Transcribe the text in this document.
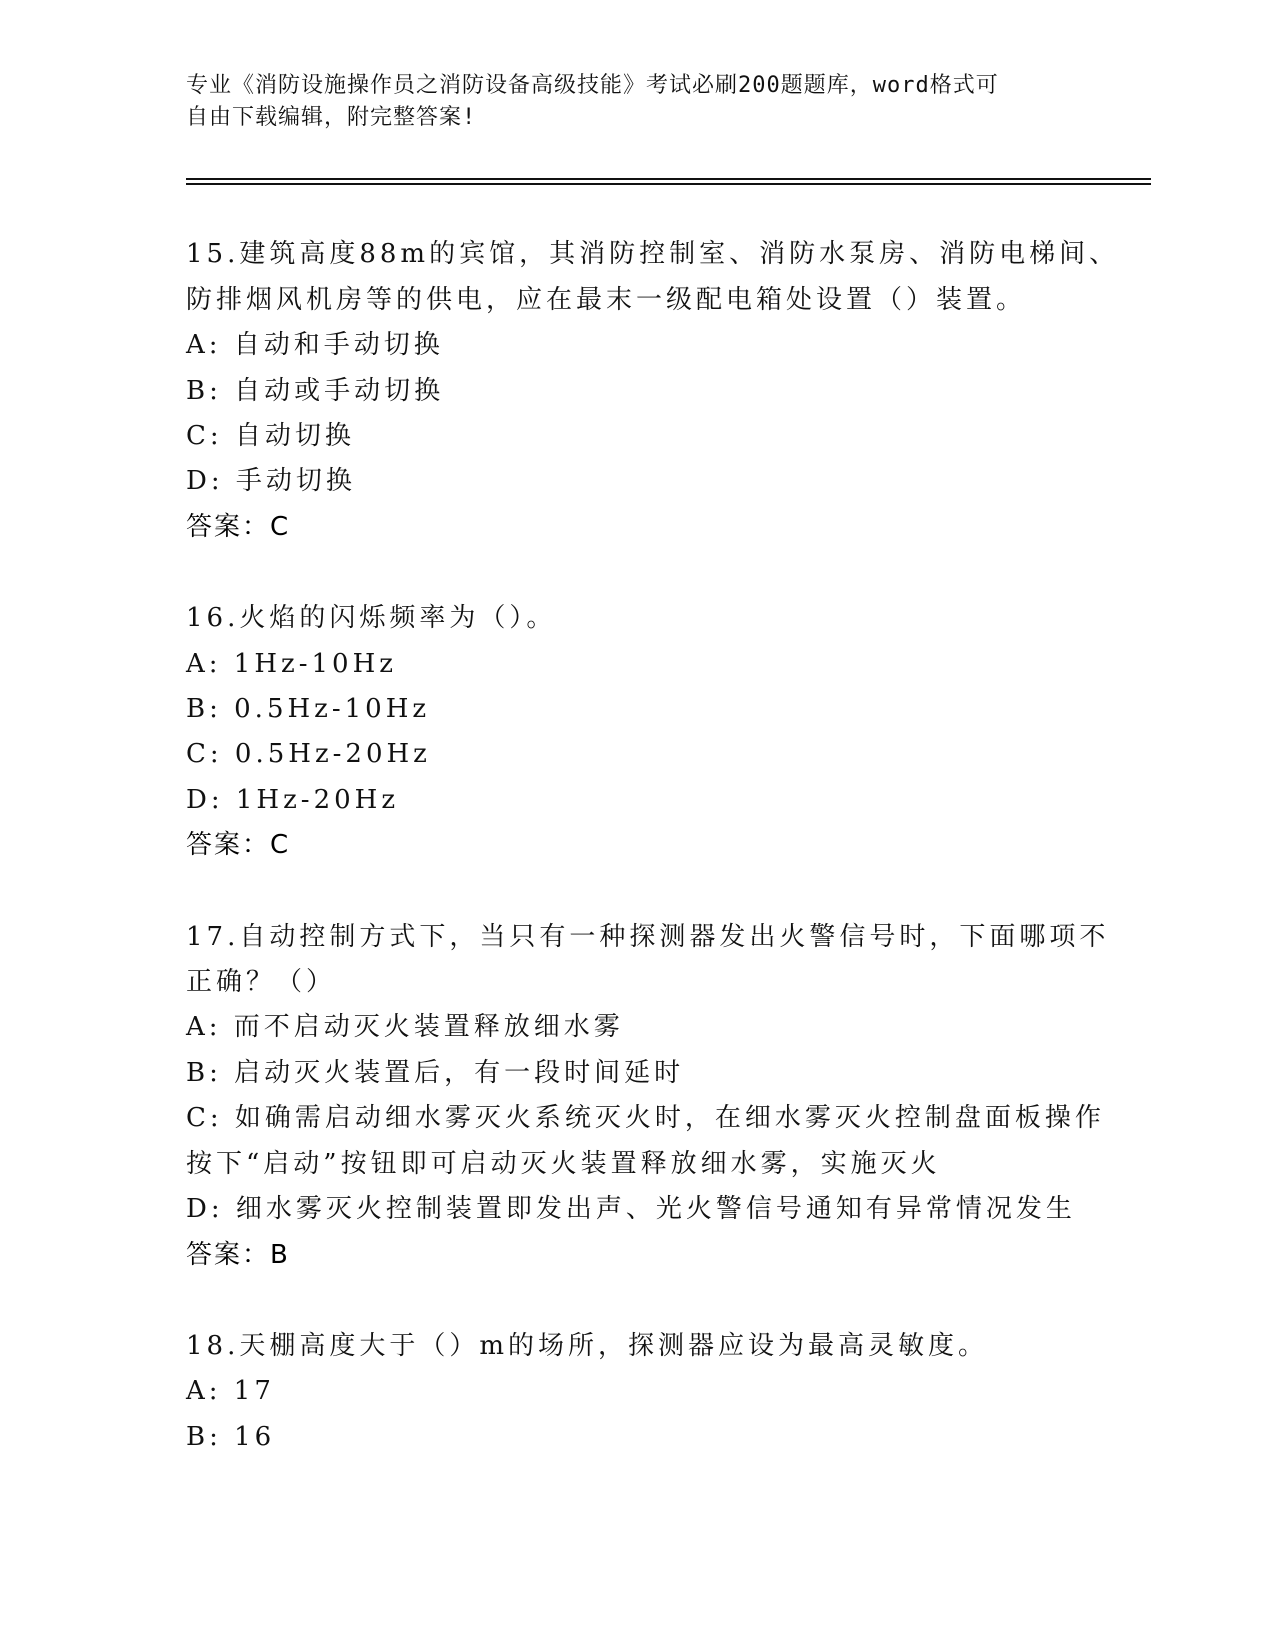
专业《消防设施操作员之消防设备高级技能》考试必刷200题题库，word格式可
自由下载编辑，附完整答案!
15.建筑高度88m的宾馆，其消防控制室、消防水泵房、消防电梯间、
防排烟风机房等的供电，应在最末一级配电箱处设置（）装置。
A: 自动和手动切换
B: 自动或手动切换
C: 自动切换
D: 手动切换
答案：C
16.火焰的闪烁频率为（）。
A: 1Hz-10Hz
B: 0.5Hz-10Hz
C: 0.5Hz-20Hz
D: 1Hz-20Hz
答案：C
17.自动控制方式下，当只有一种探测器发出火警信号时，下面哪项不
正确？（）
A: 而不启动灭火装置释放细水雾
B: 启动灭火装置后，有一段时间延时
C: 如确需启动细水雾灭火系统灭火时，在细水雾灭火控制盘面板操作
按下“启动”按钮即可启动灭火装置释放细水雾，实施灭火
D: 细水雾灭火控制装置即发出声、光火警信号通知有异常情况发生
答案：B
18.天棚高度大于（）m的场所，探测器应设为最高灵敏度。
A: 17
B: 16
